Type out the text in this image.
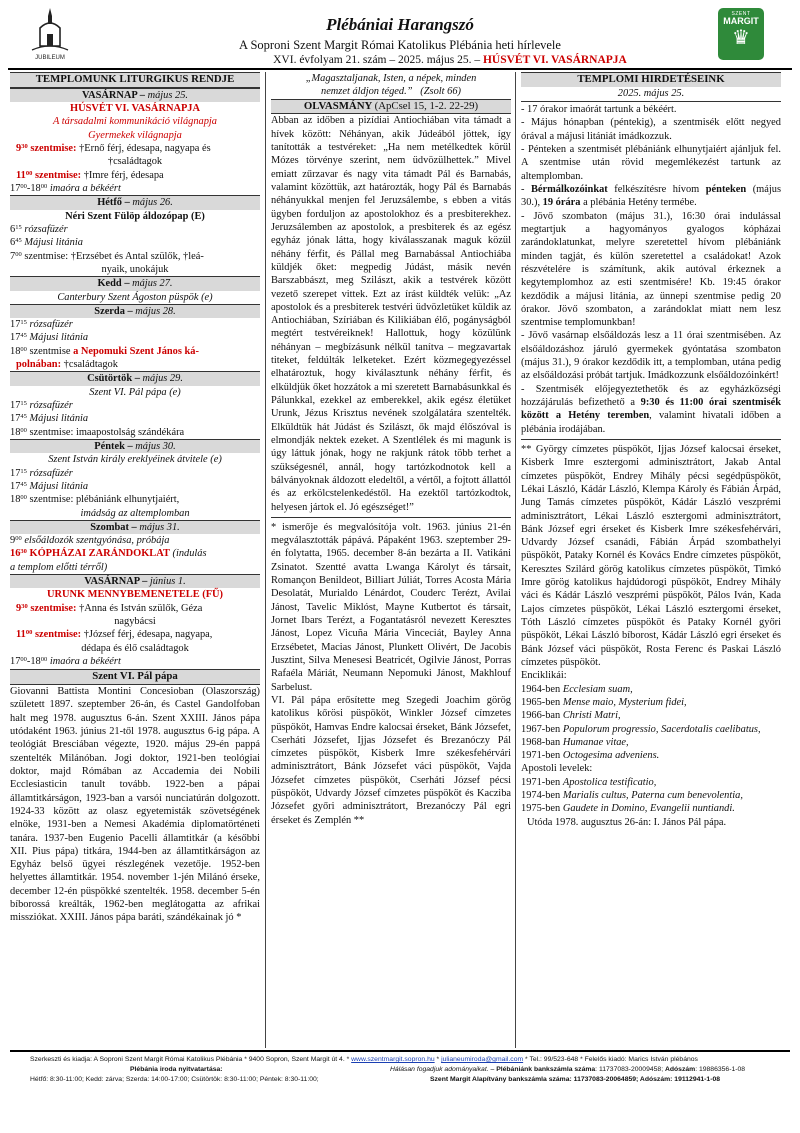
JUBILEUM
Plébániai Harangszó
A Soproni Szent Margit Római Katolikus Plébánia heti hírlevele
XVI. évfolyam 21. szám – 2025. május 25. – HÚSVÉT VI. VASÁRNAPJA
SZENT
MARGIT
♛
TEMPLOMUNK LITURGIKUS RENDJE
VASÁRNAP – május 25.
HÚSVÉT VI. VASÁRNAPJA
A társadalmi kommunikáció világnapja
Gyermekek világnapja
$9^{30}$ szentmise: †Ernő férj, édesapa, nagyapa és
†családtagok
$11^{00}$ szentmise: †Imre férj, édesapa
$17^{00}-18^{00}$ imaóra a békéért
Hétfő – május 26.
Néri Szent Fülöp áldozópap (E)
$6^{15}$ rózsafüzér
$6^{45}$ Májusi litánia
$7^{00}$ szentmise: †Erzsébet és Antal szülők, †leá-
nyaik, unokájuk
Kedd – május 27.
Canterbury Szent Ágoston püspök (e)
Szerda – május 28.
$17^{15}$ rózsafüzér
$17^{45}$ Májusi litánia
$18^{00}$ szentmise a Nepomuki Szent János ká-
polnában: †családtagok
Csütörtök – május 29.
Szent VI. Pál pápa (e)
$17^{15}$ rózsafüzér
$17^{45}$ Májusi litánia
$18^{00}$ szentmise: imaapostolság szándékára
Péntek – május 30.
Szent István király ereklyéinek átvitele (e)
$17^{15}$ rózsafüzér
$17^{45}$ Májusi litánia
$18^{00}$ szentmise: plébániánk elhunytjaiért,
imádság az altemplomban
Szombat – május 31.
$9^{00}$ elsőáldozók szentgyónása, próbája
$16^{30}$ KÓPHÁZAI ZARÁNDOKLAT (indulás
a templom előtti térről)
VASÁRNAP – június 1.
URUNK MENNYBEMENETELE (FŰ)
$9^{30}$ szentmise: †Anna és István szülők, Géza
nagybácsi
$11^{00}$ szentmise: †József férj, édesapa, nagyapa,
dédapa és élő családtagok
$17^{00}-18^{00}$ imaóra a békéért
Szent VI. Pál pápa
Giovanni Battista Montini Concesioban (Olaszország) született 1897. szeptember 26-án, és Castel Gandolfoban halt meg 1978. augusztus 6-án. Szent XXIII. János pápa utódaként 1963. június 21-től 1978. augusztus 6-ig pápa. A teológiát Bresciában végezte, 1920. május 29-én pappá szentelték Milánóban. Jogi doktor, 1921-ben teológiai doktor, majd Rómában az Accademia dei Nobili Ecclesiasticin tanult tovább. 1922-ben a pápai államtitkárságon, 1923-ban a varsói nunciatúrán dolgozott. 1924-33 között az olasz egyetemisták szövetségének elnöke, 1931-ben a Nemesi Akadémia diplomatörténeti tanára. 1937-ben Eugenio Pacelli államtitkár (a későbbi XII. Pius pápa) titkára, 1944-ben az államtitkárságon az Egyház belső ügyei részlegének vezetője. 1952-ben helyettes államtitkár. 1954. november 1-jén Milánó érseke, december 12-én püspökké szentelték. 1958. december 5-én bíborossá kreálták, 1962-ben meglátogatta az afrikai missziókat. XXIII. János pápa baráti, szándékainak jó *
„Magasztaljanak, Isten, a népek, minden
nemzet áldjon téged.” (Zsolt 66)
OLVASMÁNY (ApCsel 15, 1-2. 22-29)
Abban az időben a pizídiai Antiochiában vita támadt a hívek között: Néhányan, akik Júdeából jöttek, így tanították a testvéreket: „Ha nem metélkedtek körül Mózes törvénye szerint, nem üdvözülhettek.” Mivel emiatt zűrzavar és nagy vita támadt Pál és Barnabás, valamint közöttük, azt határozták, hogy Pál és Barnabás néhányukkal menjen fel Jeruzsálembe, s ebben a vitás ügyben forduljon az apostolokhoz és a presbiterekhez. Jeruzsálemben az apostolok, a presbiterek és az egész egyház jónak látta, hogy kiválasszanak maguk közül néhány férfit, és Pállal meg Barnabással Antiochiába küldjék őket: megpedig Júdást, másik nevén Barszabbászt, meg Szilászt, akik a testvérek között vezető szerepet vittek. Ezt az írást küldték velük: „Az apostolok és a presbiterek testvéri üdvözletüket küldik az Antiochiában, Szíriában és Kilikiában élő, pogányságból megtért testvéreiknek! Hallottuk, hogy közülünk néhányan – megbízásunk nélkül tanítva – megzavartak titeket, feldúlták lelketeket. Ezért közmegegyezéssel elhatároztuk, hogy kiválasztunk néhány férfit, és elküldjük őket hozzátok a mi szeretett Barnabásunkkal és Pálunkkal, ezekkel az emberekkel, akik egész életüket Urunk, Jézus Krisztus nevének szolgálatára szentelték. Elküldtük hát Júdást és Szilászt, ők majd élőszóval is elmondják nektek ezeket. A Szentlélek és mi magunk is úgy láttuk jónak, hogy ne rakjunk rátok több terhet a szükségesnél, annál, hogy tartózkodnotok kell a bálványoknak áldozott eledeltől, a vértől, a fojtott állattól és az erkölcstelenkedéstől. Ha ezektől tartózkodtok, helyesen jártok el. Jó egészséget!”
* ismerője és megvalósítója volt. 1963. június 21-én megválasztották pápává. Pápaként 1963. szeptember 29-én folytatta, 1965. december 8-án bezárta a II. Vatikáni Zsinatot. Szentté avatta Lwanga Károlyt és társait, Romançon Benildeot, Billiart Júliát, Torres Acosta Mária Desolatát, Murialdo Lénárdot, Couderc Terézt, Avilai Jánost, Tavelic Miklóst, Mayne Kutbertot és társait, Jornet Ibars Terézt, a Fogantatásról nevezett Keresztes Jánost, Lopez Vicuña Mária Vinceciát, Bayley Anna Erzsébetet, Macias Jánost, Plunkett Olivért, De Jacobis Jusztint, Silva Menesesi Beatricét, Ogilvie Jánost, Porras Rafaéla Máriát, Neumann Nepomuki Jánost, Makhlouf Sarbelust.
VI. Pál pápa erősítette meg Szegedi Joachim görög katolikus kőrösi püspököt, Winkler József címzetes püspököt, Hamvas Endre kalocsai érseket, Bánk Józsefet, Cserháti Józsefet, Ijjas Józsefet és Brezanóczy Pál címzetes püspököt, Kisberk Imre székesfehérvári adminisztrátort, Bánk Józsefet váci püspököt, Vajda Józsefet címzetes püspököt, Cserháti József pécsi püspököt, Udvardy József címzetes püspököt és Kacziba Józsefet győri adminisztrátort, Brezanóczy Pál egri érseket és Zemplén **
TEMPLOMI HIRDETÉSEINK
2025. május 25.
- 17 órakor imaórát tartunk a békéért.
- Május hónapban (péntekig), a szentmisék előtt negyed órával a májusi litániát imádkozzuk.
- Pénteken a szentmisét plébániánk elhunytjaiért ajánljuk fel. A szentmise után rövid megemlékezést tartunk az altemplomban.
- Bérmálkozóinkat felkészítésre hívom pénteken (május 30.), 19 órára a plébánia Hetény termébe.
- Jövő szombaton (május 31.), 16:30 órai indulással megtartjuk a hagyományos gyalogos kópházai zarándoklatunkat, melyre szeretettel hívom plébániánk minden tagját, és külön szeretettel a családokat! Azok részvételére is számítunk, akik autóval érkeznek a kegytemplomhoz az esti szentmisére! Kb. 19:45 órakor kezdődik a májusi litánia, az ünnepi szentmise pedig 20 órakor. Jövő szombaton, a zarándoklat miatt nem lesz szentmise templomunkban!
- Jövő vasárnap elsőáldozás lesz a 11 órai szentmisében. Az elsőáldozáshoz járuló gyermekek gyóntatása szombaton (május 31.), 9 órakor kezdődik itt, a templomban, utána pedig az elsőáldozási próbát tartjuk. Imádkozzunk elsőáldozóinkért!
- Szentmisék előjegyeztethetők és az egyházközségi hozzájárulás befizethető a 9:30 és 11:00 órai szentmisék között a Hetény teremben, valamint hivatali időben a plébánia irodájában.
** Györgу címzetes püspököt, Ijjas József kalocsai érseket, Kisberk Imre esztergomi adminisztrátort, Jakab Antal címzetes püspököt, Endrey Mihály pécsi segédpüspököt, Lékai László, Kádár László, Klempa Károly és Fábián Árpád, Jung Tamás címzetes püspököt, Kádár László veszprémi adminisztrátort, Lékai László esztergomi adminisztrátort, Bánk József egri érseket és Kisberk Imre székesfehérvári, Udvardy József csanádi, Fábián Árpád szombathelyi püspököt, Pataky Kornél és Kovács Endre címzetes püspököt, Keresztes Szilárd görög katolikus címzetes püspököt, Timkó Imre görög katolikus hajdúdorogi püspököt, Endrey Mihály váci és Kádár László veszprémi püspököt, Pálos Iván, Kada Lajos címzetes püspököt, Lékai László esztergomi érseket, Tóth László címzetes püspököt és Pataky Kornél győri püspököt, Lékai László bíborost, Kádár László egri érseket és Bánk József váci püspököt, Rosta Ferenc és Paskai László címzetes püspököt.
Enciklikái:
1964-ben Ecclesiam suam,
1965-ben Mense maio, Mysterium fidei,
1966-ban Christi Matri,
1967-ben Populorum progressio, Sacerdotalis caelibatus,
1968-ban Humanae vitae,
1971-ben Octogesima adveniens.
Apostoli levelek:
1971-ben Apostolica testificatio,
1974-ben Marialis cultus, Paterna cum benevolentia,
1975-ben Gaudete in Domino, Evangelii nuntiandi.
Utóda 1978. augusztus 26-án: I. János Pál pápa.
Szerkeszti és kiadja: A Soproni Szent Margit Római Katolikus Plébánia * 9400 Sopron, Szent Margit út 4. * www.szentmargit.sopron.hu * julianeumiroda@gmail.com * Tel.: 99/523-648 * Felelős kiadó: Marics István plébános
Plébánia iroda nyitvatartása:	Hálásan fogadjuk adományaikat. – Plébániánk bankszámla száma: 11737083-20009458; Adószám: 19886356-1-08
Hétfő: 8:30-11:00; Kedd: zárva; Szerda: 14:00-17:00; Csütörtök: 8:30-11:00; Péntek: 8:30-11:00;	Szent Margit Alapítvány bankszámla száma: 11737083-20064859; Adószám: 19112941-1-08
